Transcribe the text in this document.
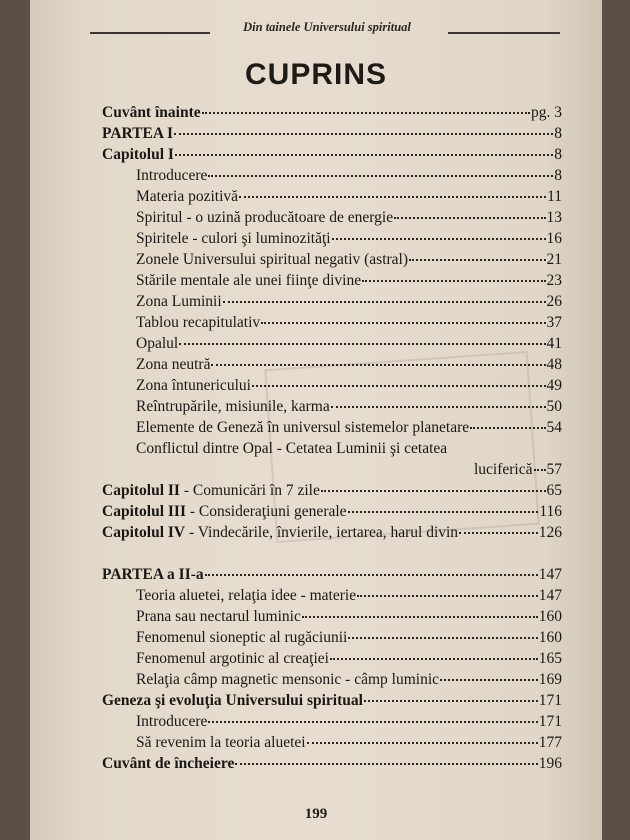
Din tainele Universului spiritual
CUPRINS
Cuvânt înainte	pg. 3
PARTEA I	8
Capitolul I	8
Introducere	8
Materia pozitivă	11
Spiritul - o uzină producătoare de energie	13
Spiritele - culori şi luminozităţi	16
Zonele Universului spiritual negativ (astral)	21
Stările mentale ale unei fiinţe divine	23
Zona Luminii	26
Tablou recapitulativ	37
Opalul	41
Zona neutră	48
Zona întunericului	49
Reîntrupările, misiunile, karma	50
Elemente de Geneză în universul sistemelor planetare	54
Conflictul dintre Opal - Cetatea Luminii şi cetatea
luciferică 57
Capitolul II - Comunicări în 7 zile	65
Capitolul III - Consideraţiuni generale	116
Capitolul IV - Vindecările, învierile, iertarea, harul divin	126
PARTEA a II-a	147
Teoria aluetei, relaţia idee - materie	147
Prana sau nectarul luminic	160
Fenomenul sioneptic al rugăciunii	160
Fenomenul argotinic al creaţiei	165
Relaţia câmp magnetic mensonic - câmp luminic	169
Geneza şi evoluţia Universului spiritual	171
Introducere	171
Să revenim la teoria aluetei	177
Cuvânt de încheiere	196
199
